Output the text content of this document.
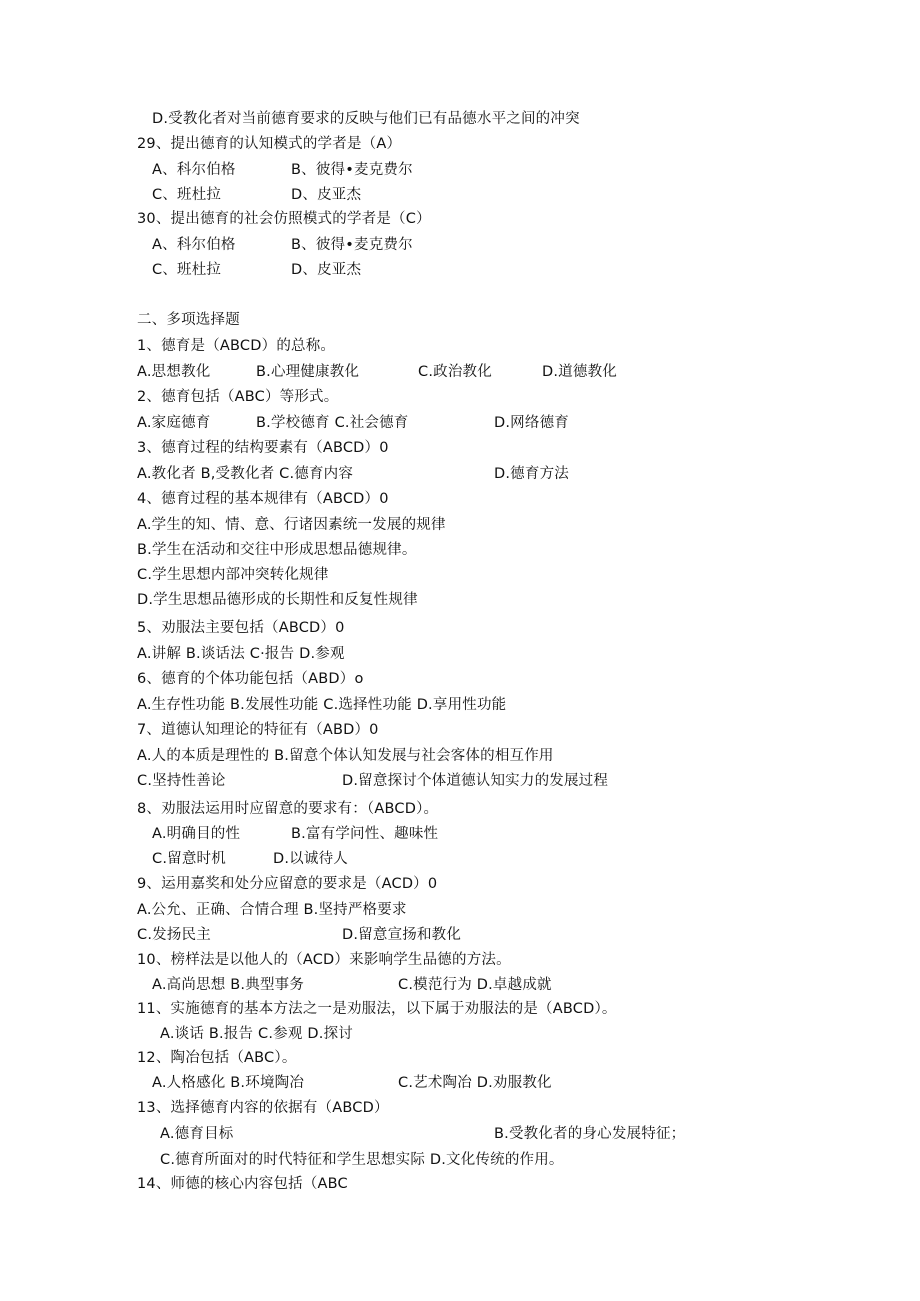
D.受教化者对当前德育要求的反映与他们已有品德水平之间的冲突
29、提出德育的认知模式的学者是（A）
A、科尔伯格	B、彼得•麦克费尔
C、班杜拉	D、皮亚杰
30、提出德育的社会仿照模式的学者是（C）
A、科尔伯格	B、彼得•麦克费尔
C、班杜拉	D、皮亚杰
二、多项选择题
1、德育是（ABCD）的总称。
A.思想教化	B.心理健康教化	C.政治教化	D.道德教化
2、德育包括（ABC）等形式。
A.家庭德育	B.学校德育 C.社会德育	D.网络德育
3、德育过程的结构要素有（ABCD）0
A.教化者 B,受教化者 C.德育内容	D.德育方法
4、德育过程的基本规律有（ABCD）0
A.学生的知、情、意、行诸因素统一发展的规律
B.学生在活动和交往中形成思想品德规律。
C.学生思想内部冲突转化规律
D.学生思想品德形成的长期性和反复性规律
5、劝服法主要包括（ABCD）0
A.讲解 B.谈话法 C·报告 D.参观
6、德育的个体功能包括（ABD）o
A.生存性功能 B.发展性功能 C.选择性功能 D.享用性功能
7、道德认知理论的特征有（ABD）0
A.人的本质是理性的 B.留意个体认知发展与社会客体的相互作用
C.坚持性善论	D.留意探讨个体道德认知实力的发展过程
8、劝服法运用时应留意的要求有：（ABCD）。
A.明确目的性	B.富有学问性、趣味性
C.留意时机	D.以诚待人
9、运用嘉奖和处分应留意的要求是（ACD）0
A.公允、正确、合情合理 B.坚持严格要求
C.发扬民主	D.留意宣扬和教化
10、榜样法是以他人的（ACD）来影响学生品德的方法。
A.高尚思想 B.典型事务	C.模范行为 D.卓越成就
11、实施德育的基本方法之一是劝服法，以下属于劝服法的是（ABCD）。
A.谈话 B.报告 C.参观 D.探讨
12、陶冶包括（ABC）。
A.人格感化 B.环境陶冶	C.艺术陶冶 D.劝服教化
13、选择德育内容的依据有（ABCD）
A.德育目标	B.受教化者的身心发展特征；
C.德育所面对的时代特征和学生思想实际 D.文化传统的作用。
14、师德的核心内容包括（ABC
